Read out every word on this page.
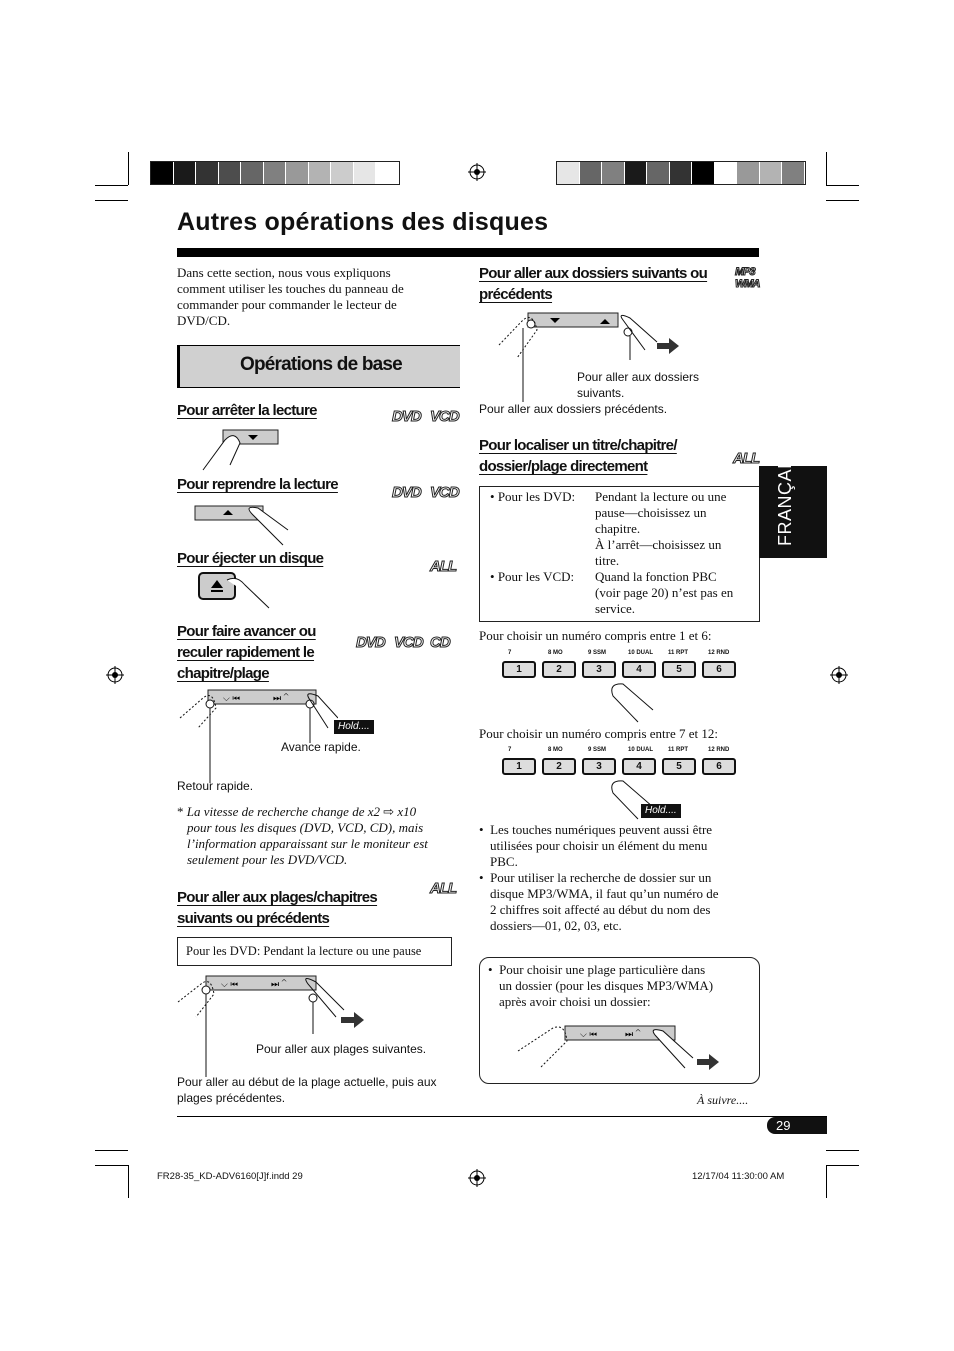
Autres opérations des disques
Dans cette section, nous vous expliquons comment utiliser les touches du panneau de commander pour commander le lecteur de DVD/CD.
Opérations de base
Pour arrêter la lecture	DVD VCD
Pour reprendre la lecture	DVD VCD
Pour éjecter un disque	ALL
Pour faire avancer ou
reculer rapidement le
chapitre/plage
DVD VCD CD
⌵ ⏮	⏭ ⌃
Hold....
Avance rapide.
Retour rapide.
* La vitesse de recherche change de x2 ⇨ x10
pour tous les disques (DVD, VCD, CD), mais
l’information apparaissant sur le moniteur est
seulement pour les DVD/VCD.
Pour aller aux plages/chapitres
suivants ou précédents
ALL
Pour les DVD: Pendant la lecture ou une pause
⌵ ⏮	⏭ ⌃
Pour aller aux plages suivantes.
Pour aller au début de la plage actuelle, puis aux
plages précédentes.
Pour aller aux dossiers suivants ou
précédents
MP3
WMA
Pour aller aux dossiers
suivants.
Pour aller aux dossiers précédents.
Pour localiser un titre/chapitre/
dossier/plage directement	ALL
• Pour les DVD: Pendant la lecture ou une
pause—choisissez un
chapitre.
À l’arrêt—choisissez un
titre.
• Pour les VCD: Quand la fonction PBC
(voir page 20) n’est pas en
service.
Pour choisir un numéro compris entre 1 et 6:
7
1
8 MO
2
9 SSM
3
10 DUAL
4
11 RPT
5
12 RND
6
Pour choisir un numéro compris entre 7 et 12:
7
1
8 MO
2
9 SSM
3
10 DUAL
4
11 RPT
5
12 RND
6
Hold....
•  Les touches numériques peuvent aussi être
utilisées pour choisir un élément du menu
PBC.
•  Pour utiliser la recherche de dossier sur un
disque MP3/WMA, il faut qu’un numéro de
2 chiffres soit affecté au début du nom des
dossiers—01, 02, 03, etc.
•  Pour choisir une plage particulière dans
un dossier (pour les disques MP3/WMA)
après avoir choisi un dossier:
⌵ ⏮	⏭ ⌃
À suivre....
FRANÇAIS
29
FR28-35_KD-ADV6160[J]f.indd 29	12/17/04 11:30:00 AM
